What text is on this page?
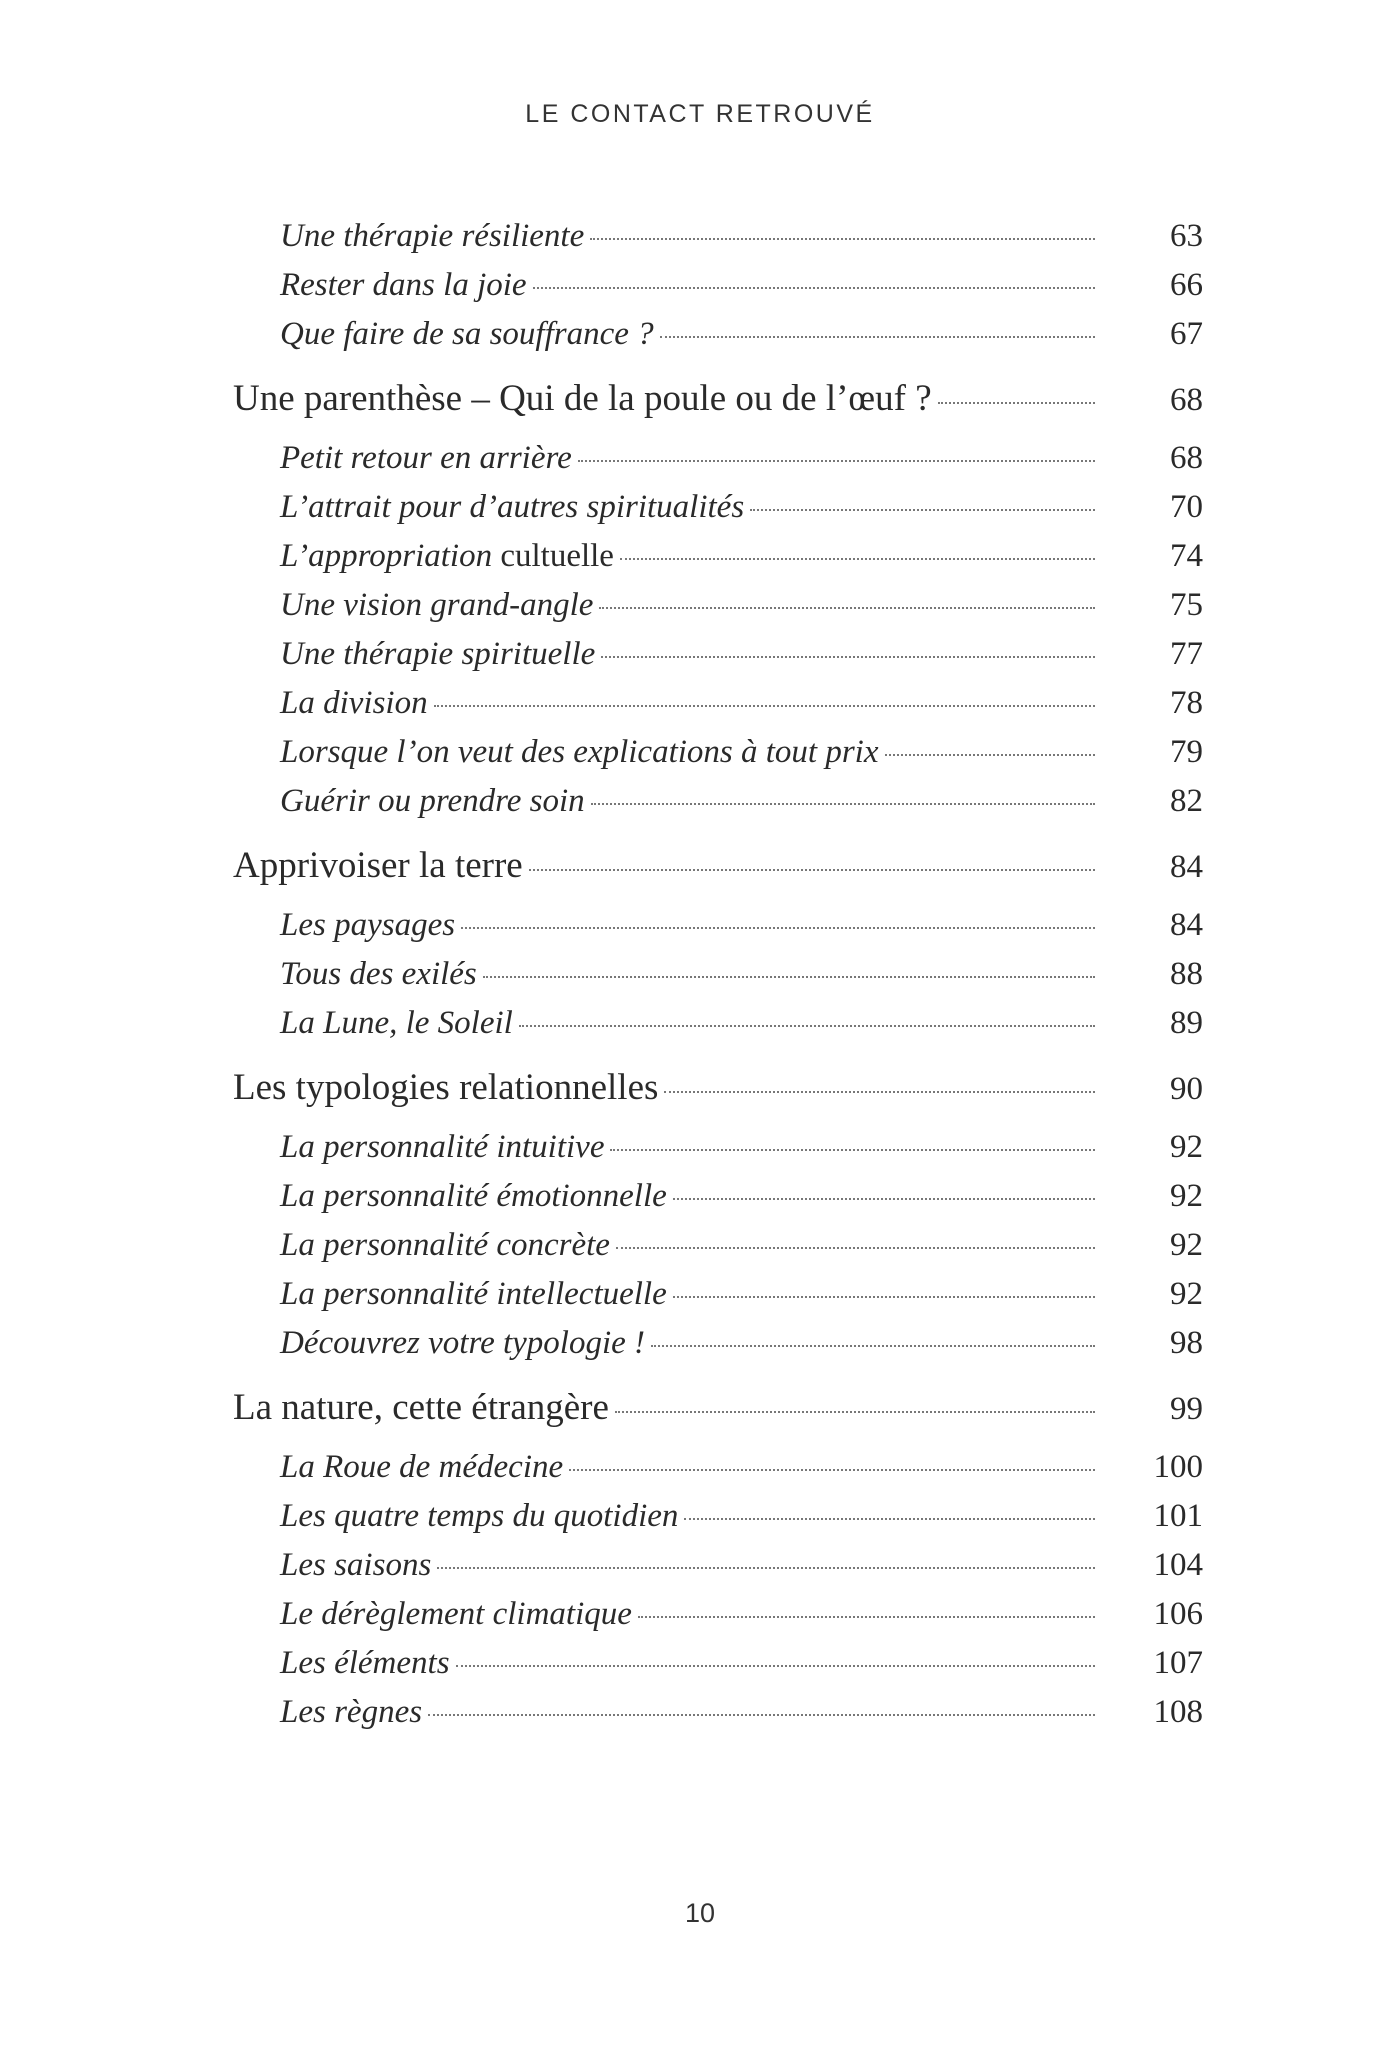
LE CONTACT RETROUVÉ
Une thérapie résiliente	63
Rester dans la joie	66
Que faire de sa souffrance ?	67
Une parenthèse – Qui de la poule ou de l’œuf ?	68
Petit retour en arrière	68
L’attrait pour d’autres spiritualités	70
L’appropriation cultuelle	74
Une vision grand-angle	75
Une thérapie spirituelle	77
La division	78
Lorsque l’on veut des explications à tout prix	79
Guérir ou prendre soin	82
Apprivoiser la terre	84
Les paysages	84
Tous des exilés	88
La Lune, le Soleil	89
Les typologies relationnelles	90
La personnalité intuitive	92
La personnalité émotionnelle	92
La personnalité concrète	92
La personnalité intellectuelle	92
Découvrez votre typologie !	98
La nature, cette étrangère	99
La Roue de médecine	100
Les quatre temps du quotidien	101
Les saisons	104
Le dérèglement climatique	106
Les éléments	107
Les règnes	108
10
